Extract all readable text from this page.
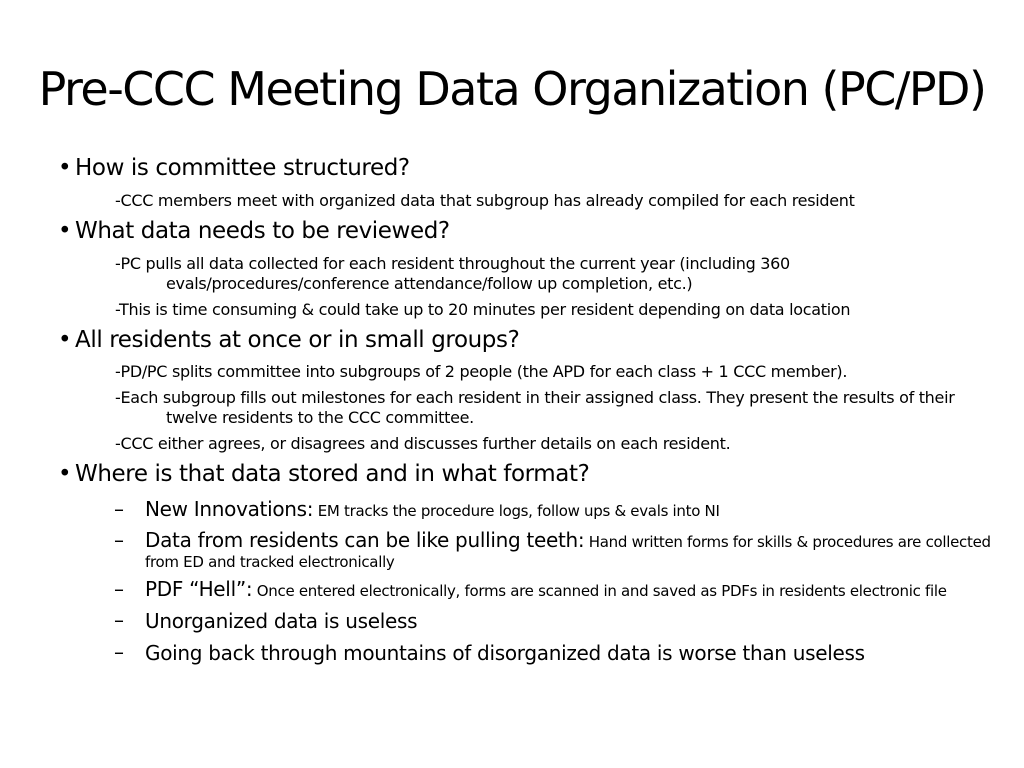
Pre-CCC Meeting Data Organization (PC/PD)
• How is committee structured?
-CCC members meet with organized data that subgroup has already compiled for each resident
• What data needs to be reviewed?
-PC pulls all data collected for each resident throughout the current year (including 360 evals/procedures/conference attendance/follow up completion, etc.)
-This is time consuming & could take up to 20 minutes per resident depending on data location
• All residents at once or in small groups?
-PD/PC splits committee into subgroups of 2 people (the APD for each class + 1 CCC member).
-Each subgroup fills out milestones for each resident in their assigned class. They present the results of their twelve residents to the CCC committee.
-CCC either agrees, or disagrees and discusses further details on each resident.
• Where is that data stored and in what format?
–	New Innovations: EM tracks the procedure logs, follow ups & evals into NI
–	Data from residents can be like pulling teeth: Hand written forms for skills & procedures are collected from ED and tracked electronically
–	PDF “Hell”: Once entered electronically, forms are scanned in and saved as PDFs in residents electronic file
–	Unorganized data is useless
–	Going back through mountains of disorganized data is worse than useless
